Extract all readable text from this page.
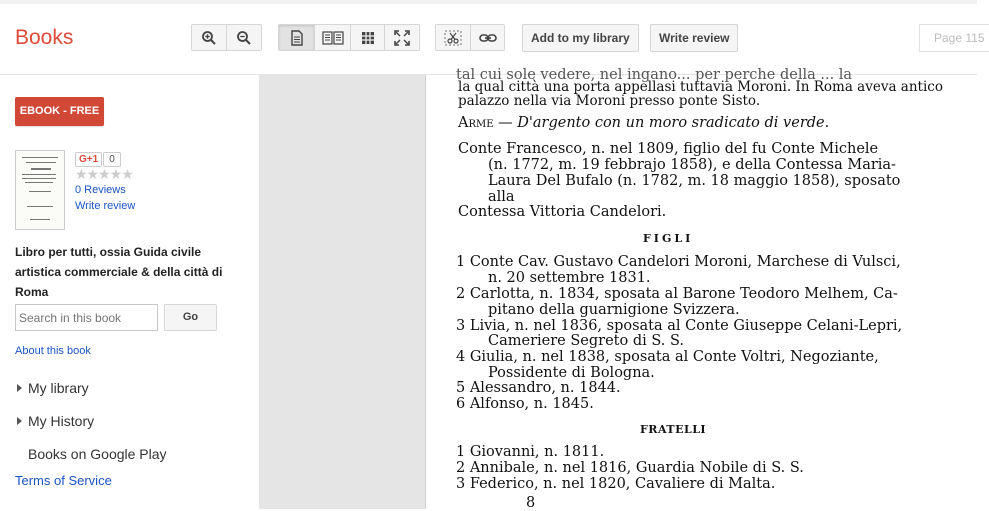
Books	Add to my library	Write review	Page 115
EBOOK - FREE
G+1	0
★★★★★
0 Reviews
Write review
Libro per tutti, ossia Guida civile artistica commerciale & della città di Roma
Search in this book
Go
About this book
My library
My History
Books on Google Play
Terms of Service
tal cui sole vedere, nel ingano... per perche della ... la
la qual città una porta appellasi tuttavia Moroni. In Roma aveva antico
palazzo nella via Moroni presso ponte Sisto.
Arme — D'argento con un moro sradicato di verde.
Conte Francesco, n. nel 1809, figlio del fu Conte Michele
(n. 1772, m. 19 febbrajo 1858), e della Contessa Maria-
Laura Del Bufalo (n. 1782, m. 18 maggio 1858), sposato
alla
Contessa Vittoria Candelori.
FIGLI
1 Conte Cav. Gustavo Candelori Moroni, Marchese di Vulsci,
n. 20 settembre 1831.
2 Carlotta, n. 1834, sposata al Barone Teodoro Melhem, Ca-
pitano della guarnigione Svizzera.
3 Livia, n. nel 1836, sposata al Conte Giuseppe Celani-Lepri,
Cameriere Segreto di S. S.
4 Giulia, n. nel 1838, sposata al Conte Voltri, Negoziante,
Possidente di Bologna.
5 Alessandro, n. 1844.
6 Alfonso, n. 1845.
FRATELLI
1 Giovanni, n. 1811.
2 Annibale, n. nel 1816, Guardia Nobile di S. S.
3 Federico, n. nel 1820, Cavaliere di Malta.
8
